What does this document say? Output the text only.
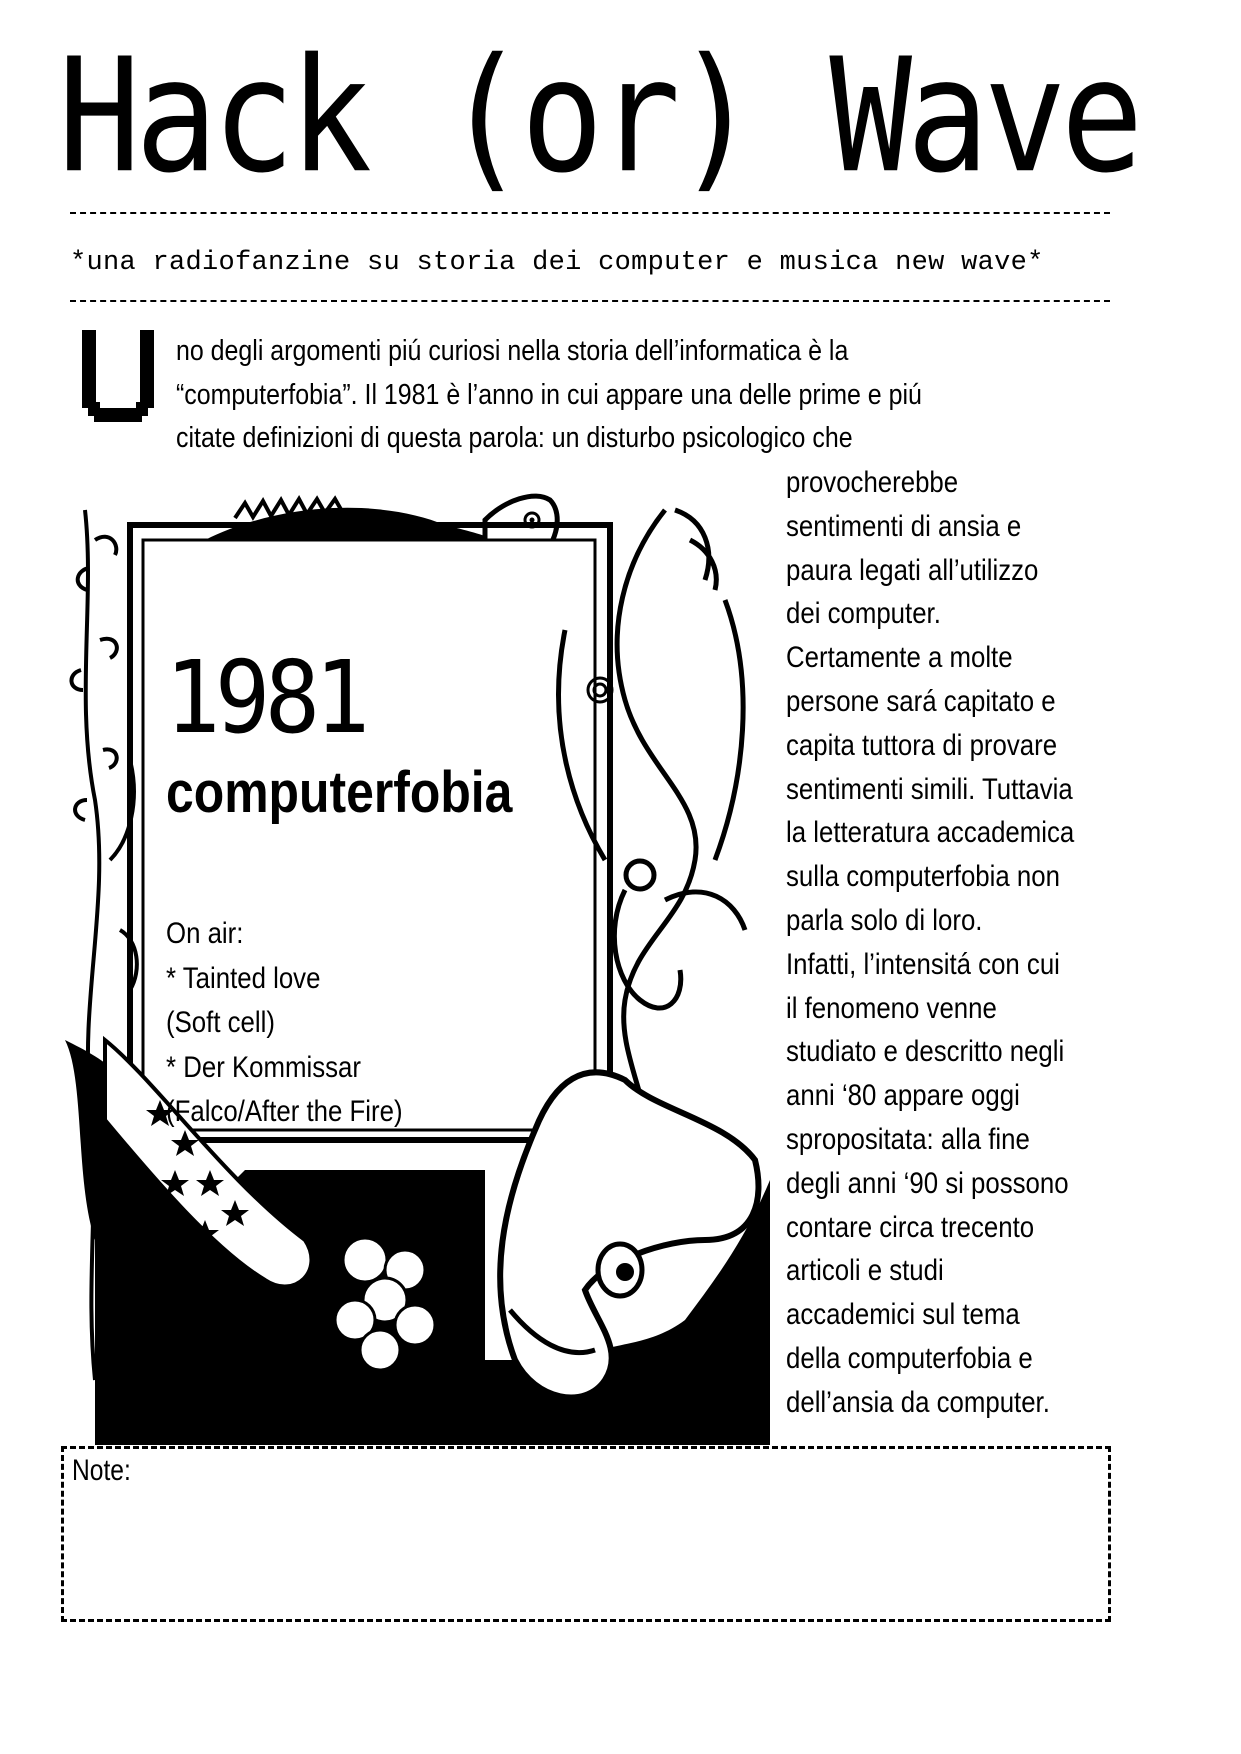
Hack (or) Wave
*una radiofanzine su storia dei computer e musica new wave*
no degli argomenti piú curiosi nella storia dell’informatica è la
“computerfobia”. Il 1981 è l’anno in cui appare una delle prime e piú
citate definizioni di questa parola: un disturbo psicologico che
1981
computerfobia
On air:
* Tainted love
(Soft cell)
* Der Kommissar
(Falco/After the Fire)
provocherebbe
sentimenti di ansia e
paura legati all’utilizzo
dei computer.
Certamente a molte
persone sará capitato e
capita tuttora di provare
sentimenti simili. Tuttavia
la letteratura accademica
sulla computerfobia non
parla solo di loro.
Infatti, l’intensitá con cui
il fenomeno venne
studiato e descritto negli
anni ‘80 appare oggi
spropositata: alla fine
degli anni ‘90 si possono
contare circa trecento
articoli e studi
accademici sul tema
della computerfobia e
dell’ansia da computer.
Note:
